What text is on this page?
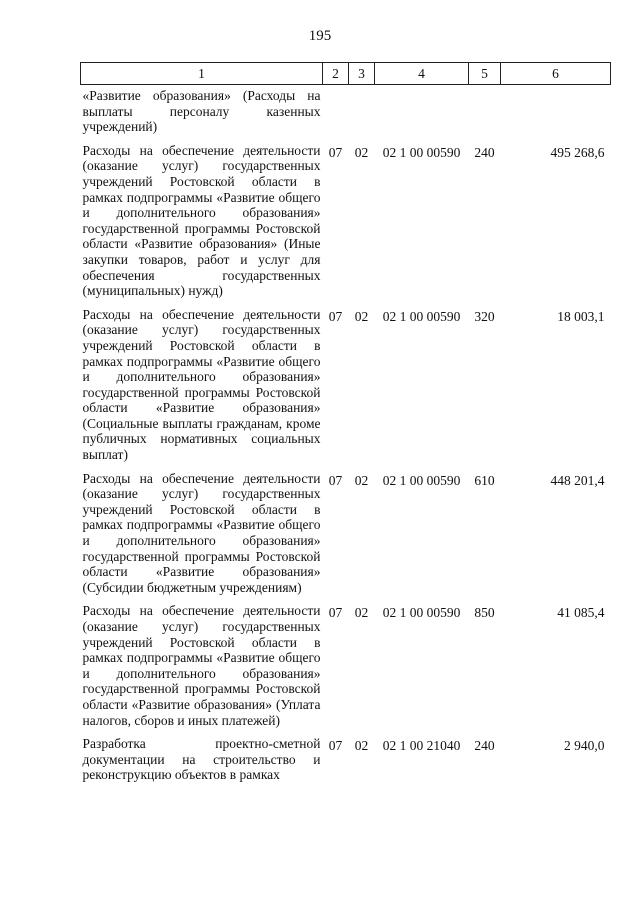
195
1	2	3	4	5	6

«Развитие образования» (Расходы на выплаты персоналу казенных учреждений)					

Расходы на обеспечение деятельности (оказание услуг) государственных учреждений Ростовской области в рамках подпрограммы «Развитие общего и дополнительного образования» государственной программы Ростовской области «Развитие образования» (Иные закупки товаров, работ и услуг для обеспечения государственных (муниципальных) нужд)	07	02	02 1 00 00590	240	495 268,6

Расходы на обеспечение деятельности (оказание услуг) государственных учреждений Ростовской области в рамках подпрограммы «Развитие общего и дополнительного образования» государственной программы Ростовской области «Развитие образования» (Социальные выплаты гражданам, кроме публичных нормативных социальных выплат)	07	02	02 1 00 00590	320	18 003,1

Расходы на обеспечение деятельности (оказание услуг) государственных учреждений Ростовской области в рамках подпрограммы «Развитие общего и дополнительного образования» государственной программы Ростовской области «Развитие образования» (Субсидии бюджетным учреждениям)	07	02	02 1 00 00590	610	448 201,4

Расходы на обеспечение деятельности (оказание услуг) государственных учреждений Ростовской области в рамках подпрограммы «Развитие общего и дополнительного образования» государственной программы Ростовской области «Развитие образования» (Уплата налогов, сборов и иных платежей)	07	02	02 1 00 00590	850	41 085,4

Разработка проектно-сметной документации на строительство и реконструкцию объектов в рамках	07	02	02 1 00 21040	240	2 940,0
